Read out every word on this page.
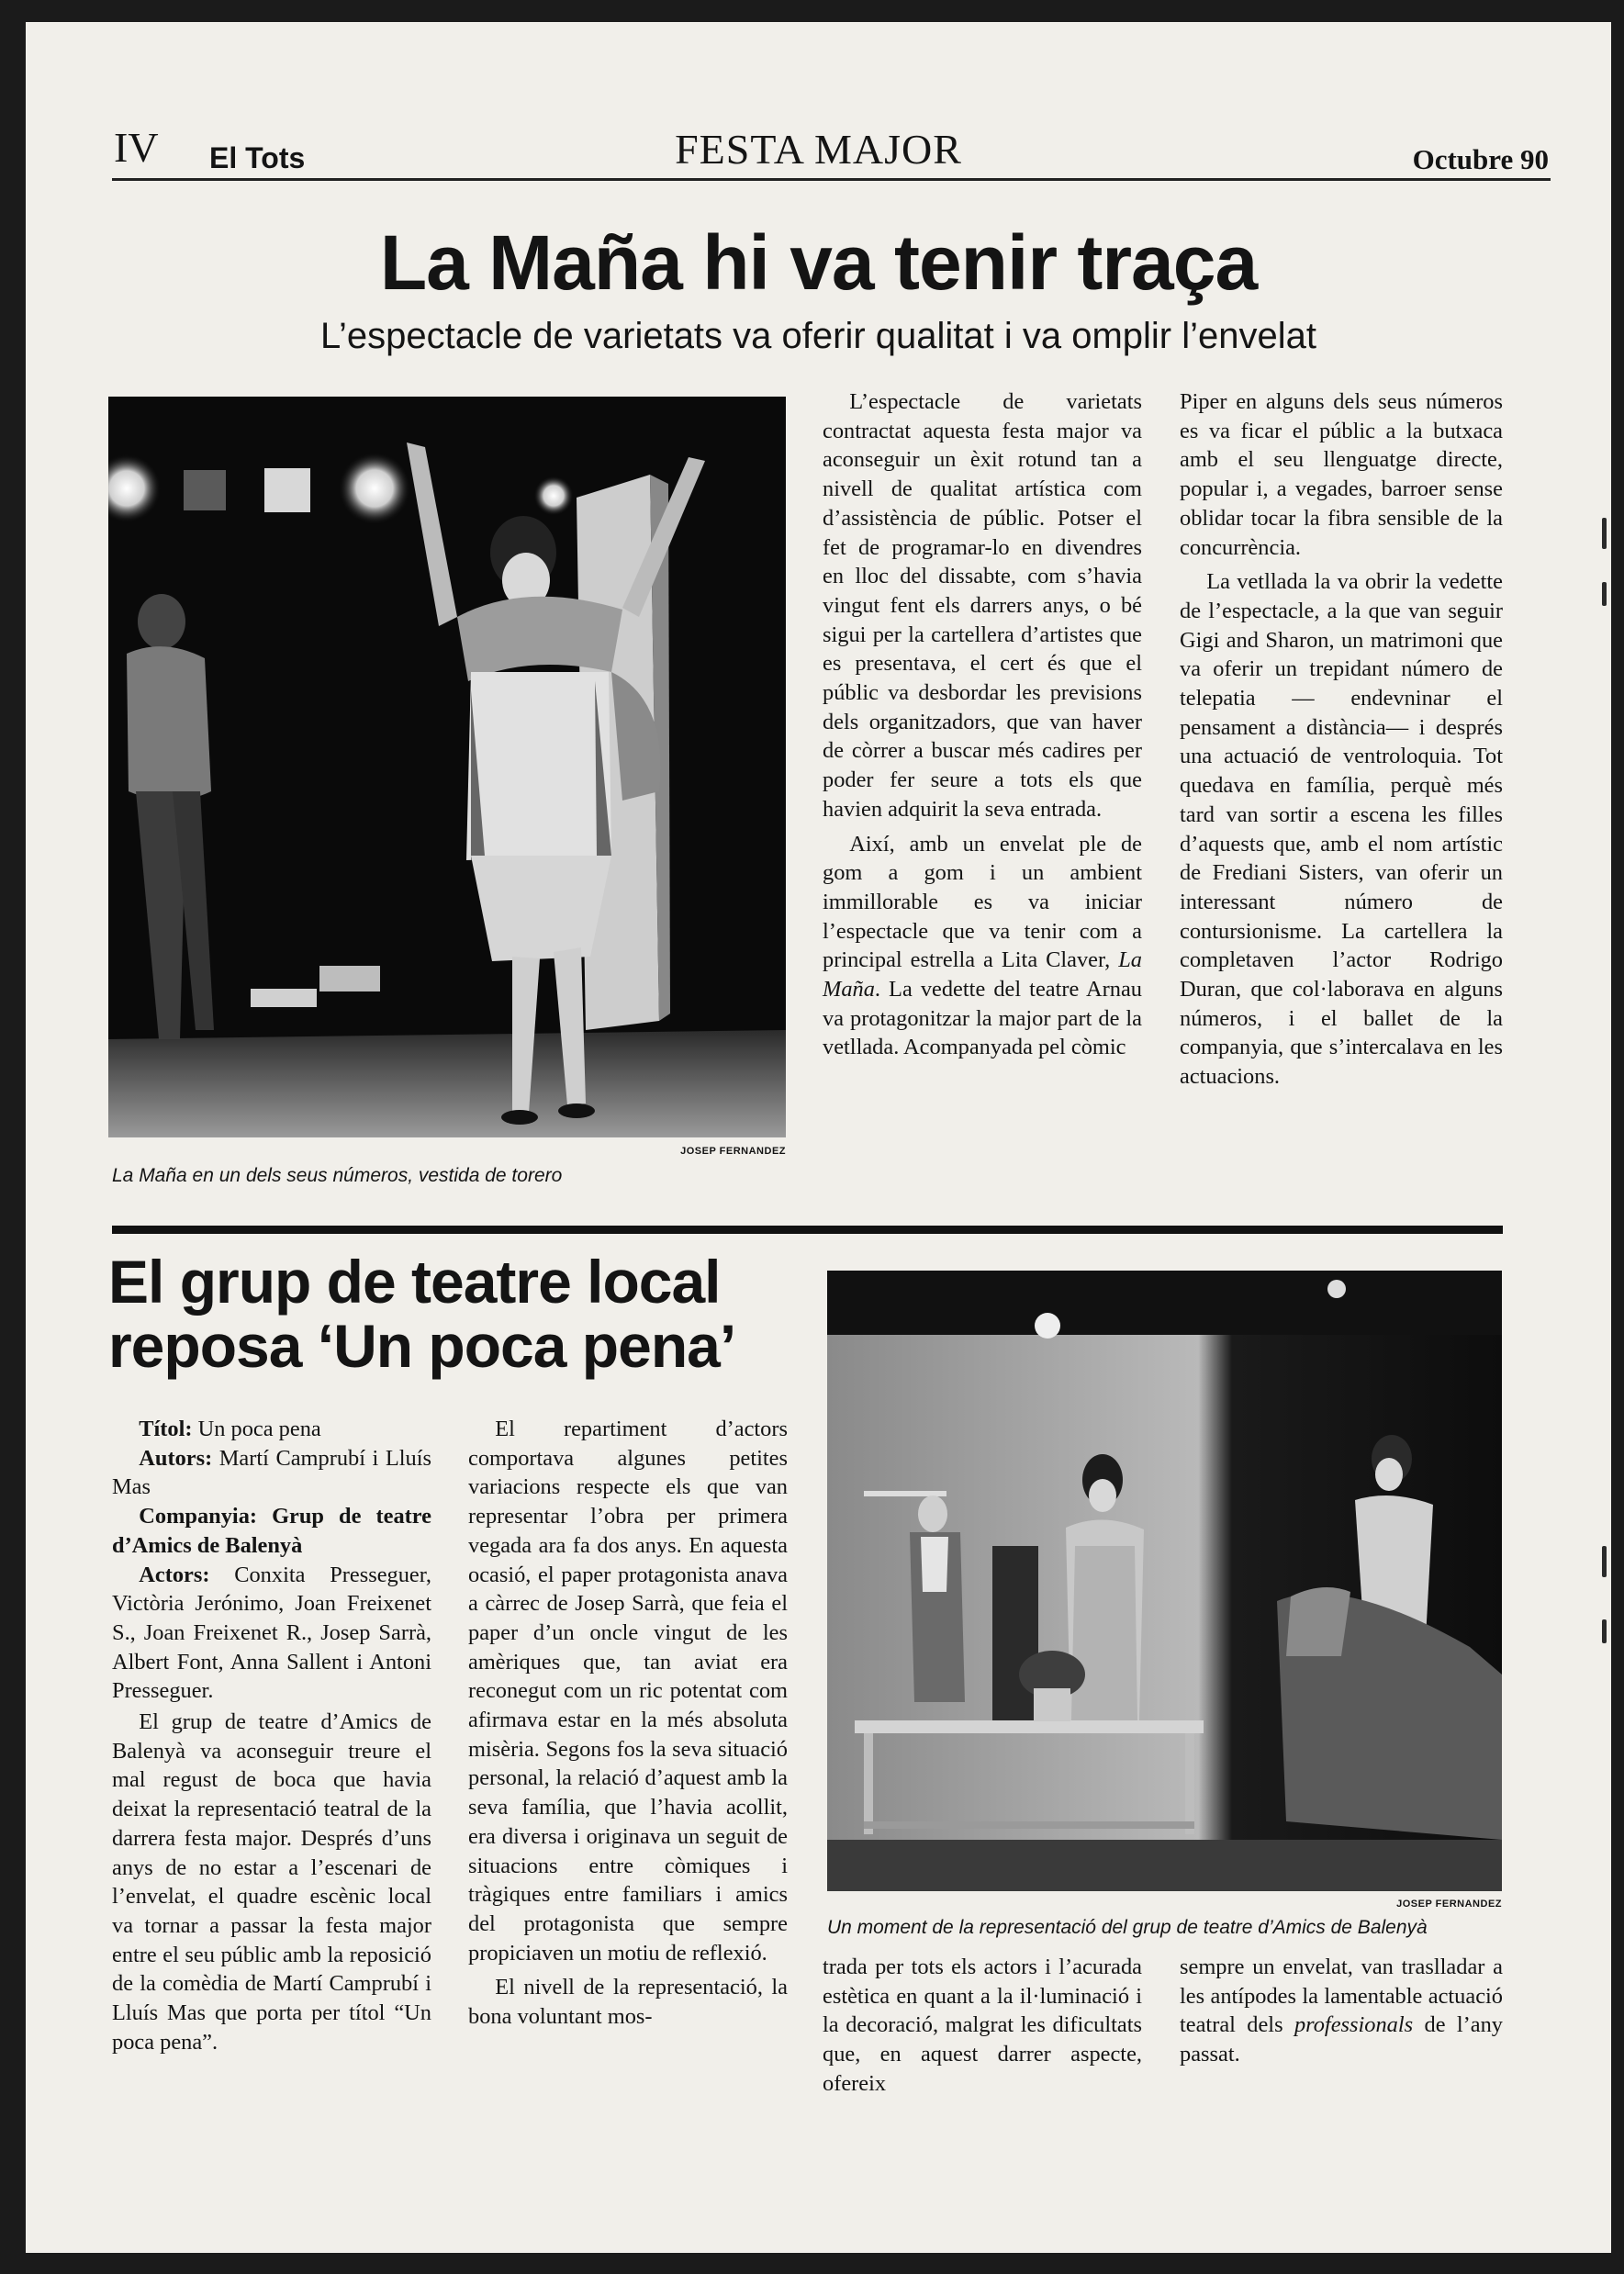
IV El Tots	FESTA MAJOR	Octubre 90
La Maña hi va tenir traça
L’espectacle de varietats va oferir qualitat i va omplir l’envelat
JOSEP FERNANDEZ
La Maña en un dels seus números, vestida de torero

L’espectacle de varietats contractat aquesta festa major va aconseguir un èxit rotund tan a nivell de qualitat artística com d’assistència de públic. Potser el fet de programar-lo en divendres en lloc del dissabte, com s’havia vingut fent els darrers anys, o bé sigui per la cartellera d’artistes que es presentava, el cert és que el públic va desbordar les previsions dels organitzadors, que van haver de còrrer a buscar més cadires per poder fer seure a tots els que havien adquirit la seva entrada.

Així, amb un envelat ple de gom a gom i un ambient immillorable es va iniciar l’espectacle que va tenir com a principal estrella a Lita Claver, La Maña. La vedette del teatre Arnau va protagonitzar la major part de la vetllada. Acompanyada pel còmic

Piper en alguns dels seus números es va ficar el públic a la butxaca amb el seu llenguatge directe, popular i, a vegades, barroer sense oblidar tocar la fibra sensible de la concurrència.

La vetllada la va obrir la vedette de l’espectacle, a la que van seguir Gigi and Sharon, un matrimoni que va oferir un trepidant número de telepatia — endevninar el pensament a distància— i després una actuació de ventroloquia. Tot quedava en família, perquè més tard van sortir a escena les filles d’aquests que, amb el nom artístic de Frediani Sisters, van oferir un interessant número de contursionisme. La cartellera la completaven l’actor Rodrigo Duran, que col·laborava en alguns números, i el ballet de la companyia, que s’intercalava en les actuacions.

El grup de teatre local reposa ‘Un poca pena’

Títol: Un poca pena

Autors: Martí Camprubí i Lluís Mas

Companyia: Grup de teatre d’Amics de Balenyà

Actors: Conxita Presseguer, Victòria Jerónimo, Joan Freixenet S., Joan Freixenet R., Josep Sarrà, Albert Font, Anna Sallent i Antoni Presseguer.

El grup de teatre d’Amics de Balenyà va aconseguir treure el mal regust de boca que havia deixat la representació teatral de la darrera festa major. Després d’uns anys de no estar a l’escenari de l’envelat, el quadre escènic local va tornar a passar la festa major entre el seu públic amb la reposició de la comèdia de Martí Camprubí i Lluís Mas que porta per títol “Un poca pena”.

El repartiment d’actors comportava algunes petites variacions respecte els que van representar l’obra per primera vegada ara fa dos anys. En aquesta ocasió, el paper protagonista anava a càrrec de Josep Sarrà, que feia el paper d’un oncle vingut de les amèriques que, tan aviat era reconegut com un ric potentat com afirmava estar en la més absoluta misèria. Segons fos la seva situació personal, la relació d’aquest amb la seva família, que l’havia acollit, era diversa i originava un seguit de situacions entre còmiques i tràgiques entre familiars i amics del protagonista que sempre propiciaven un motiu de reflexió.

El nivell de la representació, la bona voluntant mos-

JOSEP FERNANDEZ
Un moment de la representació del grup de teatre d’Amics de Balenyà

trada per tots els actors i l’acurada estètica en quant a la il·luminació i la decoració, malgrat les dificultats que, en aquest darrer aspecte, ofereix

sempre un envelat, van traslladar a les antípodes la lamentable actuació teatral dels professionals de l’any passat.
